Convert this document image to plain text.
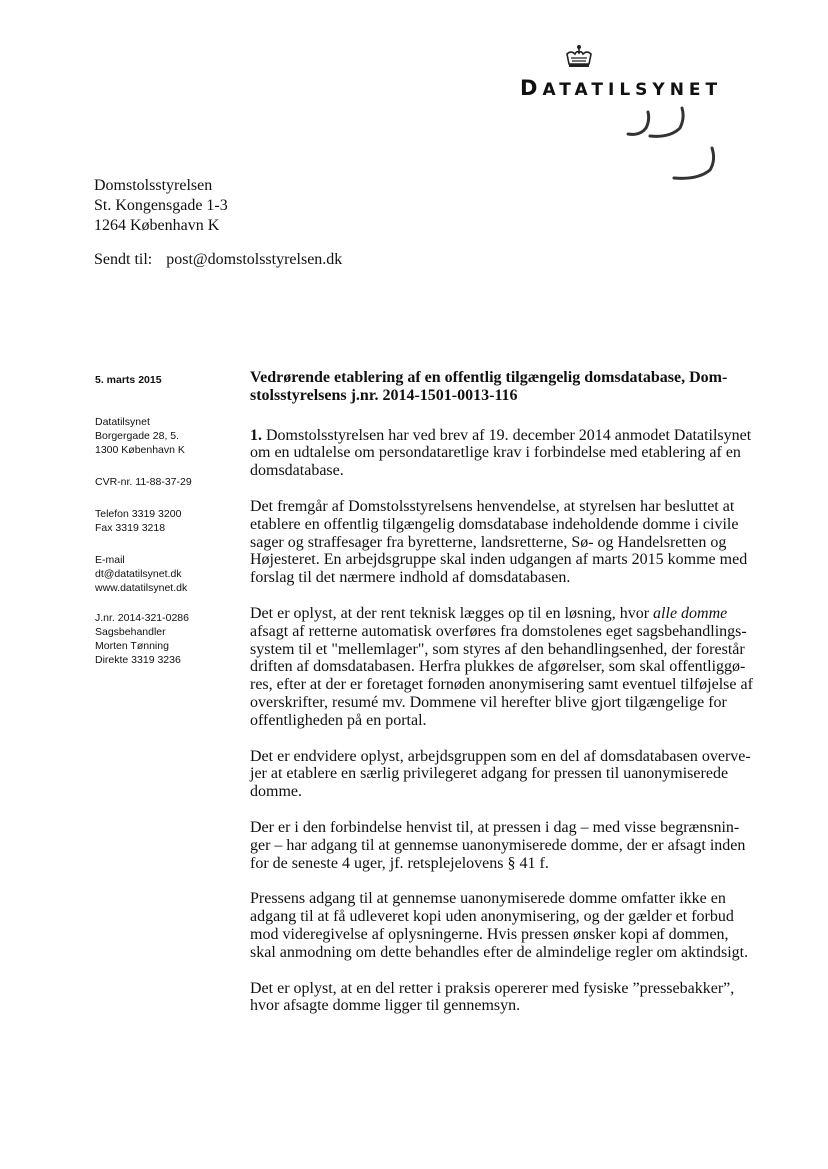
DATATILSYNET
Domstolsstyrelsen
St. Kongensgade 1-3
1264 København K
Sendt til: post@domstolsstyrelsen.dk
5. marts 2015
Datatilsynet
Borgergade 28, 5.
1300 København K
CVR-nr. 11-88-37-29
Telefon 3319 3200
Fax 3319 3218
E-mail
dt@datatilsynet.dk
www.datatilsynet.dk
J.nr. 2014-321-0286
Sagsbehandler
Morten Tønning
Direkte 3319 3236
Vedrørende etablering af en offentlig tilgængelig domsdatabase, Dom-
stolsstyrelsens j.nr. 2014-1501-0013-116

1. Domstolsstyrelsen har ved brev af 19. december 2014 anmodet Datatilsynet om en udtalelse om persondataretlige krav i forbindelse med etablering af en domsdatabase.

Det fremgår af Domstolsstyrelsens henvendelse, at styrelsen har besluttet at etablere en offentlig tilgængelig domsdatabase indeholdende domme i civile sager og straffesager fra byretterne, landsretterne, Sø- og Handelsretten og Højesteret. En arbejdsgruppe skal inden udgangen af marts 2015 komme med forslag til det nærmere indhold af domsdatabasen.

Det er oplyst, at der rent teknisk lægges op til en løsning, hvor alle domme afsagt af retterne automatisk overføres fra domstolenes eget sagsbehandlings-system til et "mellemlager", som styres af den behandlingsenhed, der forestår driften af domsdatabasen. Herfra plukkes de afgørelser, som skal offentliggø-res, efter at der er foretaget fornøden anonymisering samt eventuel tilføjelse af overskrifter, resumé mv. Dommene vil herefter blive gjort tilgængelige for offentligheden på en portal.

Det er endvidere oplyst, arbejdsgruppen som en del af domsdatabasen overve-jer at etablere en særlig privilegeret adgang for pressen til uanonymiserede domme.

Der er i den forbindelse henvist til, at pressen i dag – med visse begrænsnin-ger – har adgang til at gennemse uanonymiserede domme, der er afsagt inden for de seneste 4 uger, jf. retsplejelovens § 41 f.

Pressens adgang til at gennemse uanonymiserede domme omfatter ikke en adgang til at få udleveret kopi uden anonymisering, og der gælder et forbud mod videregivelse af oplysningerne. Hvis pressen ønsker kopi af dommen, skal anmodning om dette behandles efter de almindelige regler om aktindsigt.

Det er oplyst, at en del retter i praksis opererer med fysiske ”pressebakker”, hvor afsagte domme ligger til gennemsyn.
